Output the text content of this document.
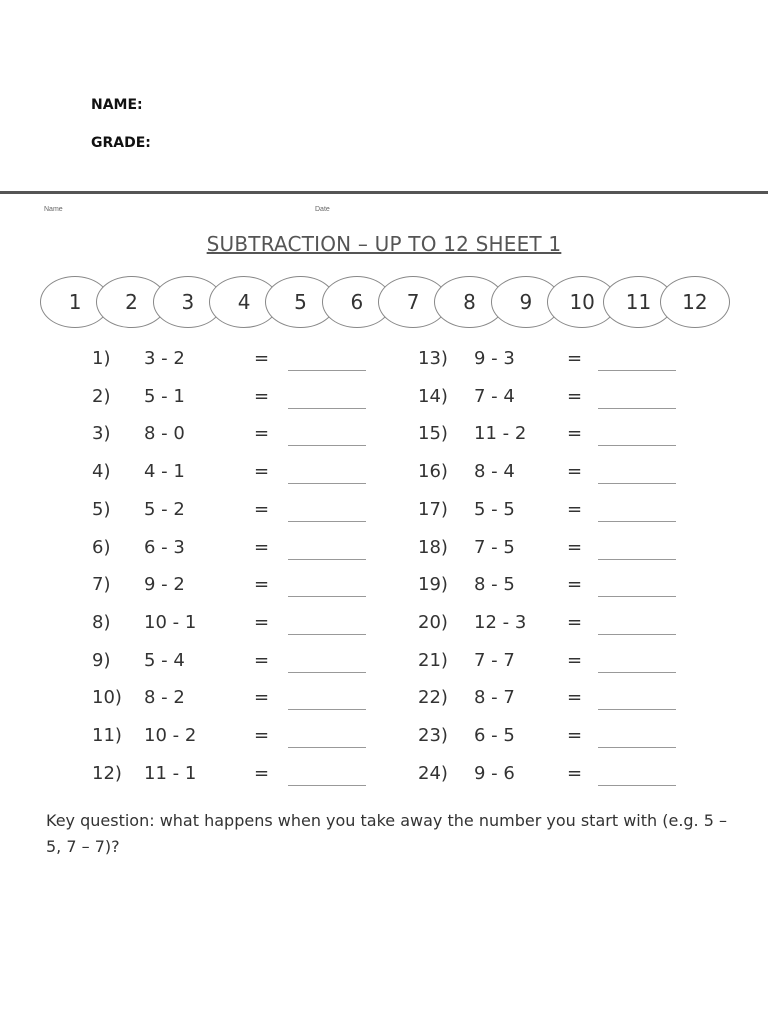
NAME:
GRADE:
Name	Date
SUBTRACTION – UP TO 12 SHEET 1
1	2	3	4	5	6	7	8	9	10	11	12
1) 3 - 2	=
2) 5 - 1	=
3) 8 - 0	=
4) 4 - 1	=
5) 5 - 2	=
6) 6 - 3	=
7) 9 - 2	=
8) 10 - 1	=
9) 5 - 4	=
10) 8 - 2	=
11) 10 - 2	=
12) 11 - 1	=
13) 9 - 3	=
14) 7 - 4	=
15) 11 - 2 =
16) 8 - 4	=
17) 5 - 5	=
18) 7 - 5	=
19) 8 - 5	=
20) 12 - 3 =
21) 7 - 7	=
22) 8 - 7	=
23) 6 - 5	=
24) 9 - 6	=
Key question: what happens when you take away the number you start with (e.g. 5 – 5, 7 – 7)?
